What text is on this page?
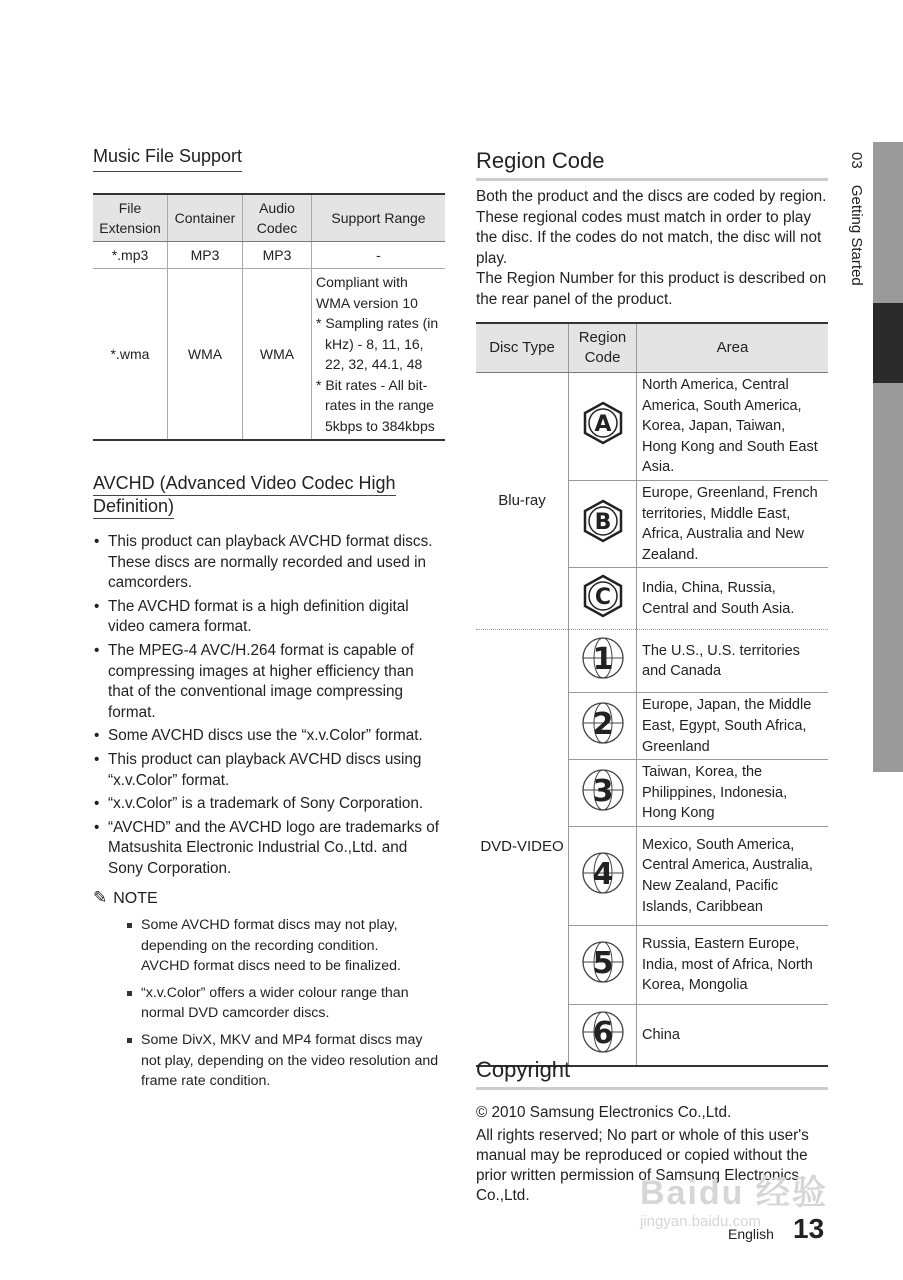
Music File Support
File Extension	Container	Audio Codec	Support Range
*.mp3	MP3	MP3	-
*.wma	WMA	WMA	Compliant with WMA version 10
* Sampling rates (in kHz) - 8, 11, 16, 22, 32, 44.1, 48
* Bit rates - All bit-rates in the range 5kbps to 384kbps
AVCHD (Advanced Video Codec High Definition)
• This product can playback AVCHD format discs. These discs are normally recorded and used in camcorders.
• The AVCHD format is a high definition digital video camera format.
• The MPEG-4 AVC/H.264 format is capable of compressing images at higher efficiency than that of the conventional image compressing format.
• Some AVCHD discs use the “x.v.Color” format.
• This product can playback AVCHD discs using “x.v.Color” format.
• “x.v.Color” is a trademark of Sony Corporation.
• “AVCHD” and the AVCHD logo are trademarks of Matsushita Electronic Industrial Co.,Ltd. and Sony Corporation.
✎ NOTE
Some AVCHD format discs may not play, depending on the recording condition.
AVCHD format discs need to be finalized.
“x.v.Color” offers a wider colour range than normal DVD camcorder discs.
Some DivX, MKV and MP4 format discs may not play, depending on the video resolution and frame rate condition.
Region Code
Both the product and the discs are coded by region. These regional codes must match in order to play the disc. If the codes do not match, the disc will not play.
The Region Number for this product is described on the rear panel of the product.
Disc Type	Region Code	Area
Blu-ray	A	North America, Central America, South America, Korea, Japan, Taiwan, Hong Kong and South East Asia.

B	Europe, Greenland, French territories, Middle East, Africa, Australia and New Zealand.

C	India, China, Russia, Central and South Asia.
DVD-VIDEO	1	The U.S., U.S. territories and Canada

2	Europe, Japan, the Middle East, Egypt, South Africa, Greenland

3	Taiwan, Korea, the Philippines, Indonesia, Hong Kong

4	Mexico, South America, Central America, Australia, New Zealand, Pacific Islands, Caribbean

5	Russia, Eastern Europe, India, most of Africa, North Korea, Mongolia

6	China
Copyright
© 2010 Samsung Electronics Co.,Ltd.
All rights reserved; No part or whole of this user's manual may be reproduced or copied without the prior written permission of Samsung Electronics Co.,Ltd.
03 Getting Started
Baidu 经验
jingyan.baidu.com
English 13
